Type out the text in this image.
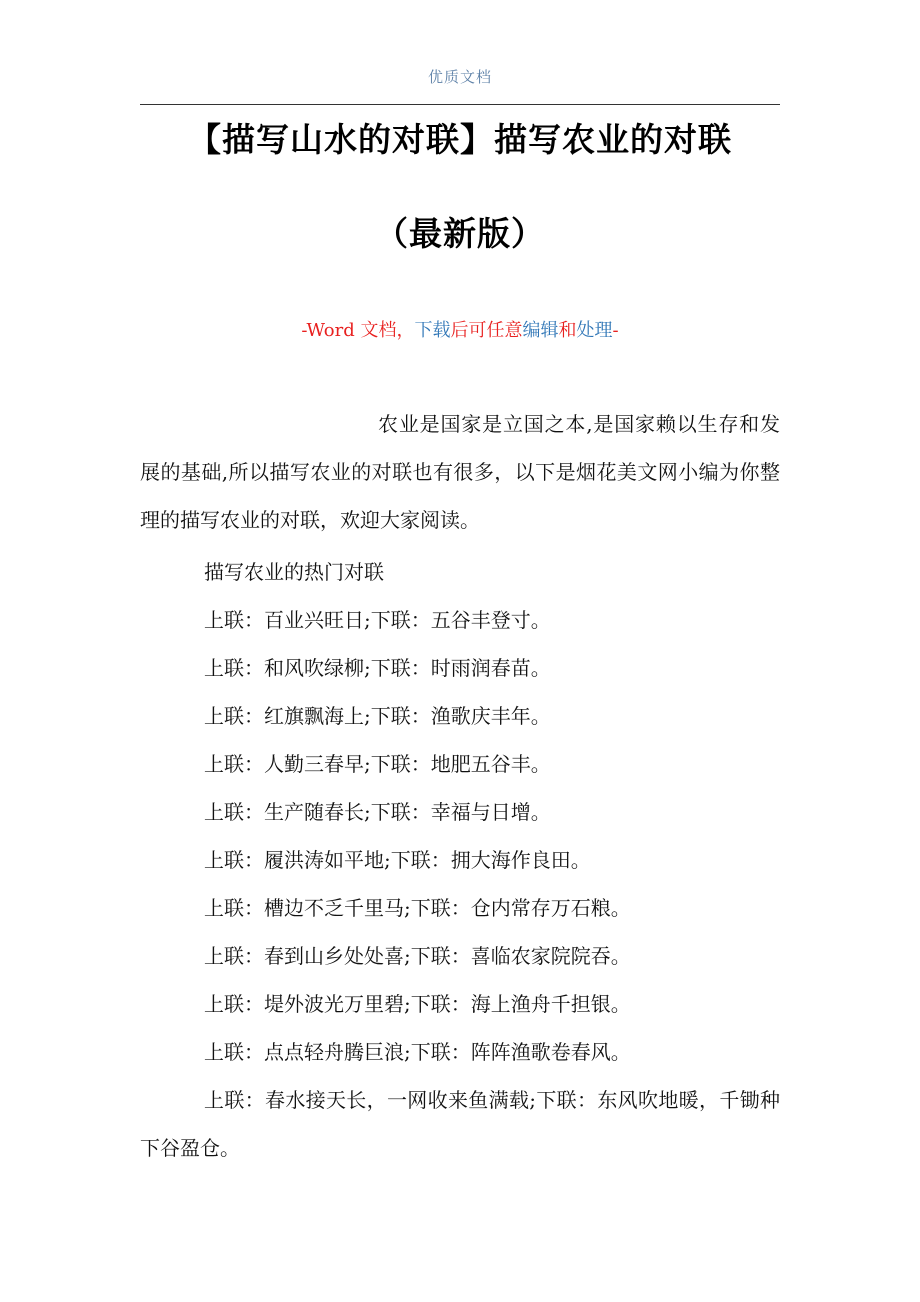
优质文档
【描写山水的对联】描写农业的对联
（最新版）
-Word 文档，下载后可任意编辑和处理-

农业是国家是立国之本,是国家赖以生存和发展的基础,所以描写农业的对联也有很多，以下是烟花美文网小编为你整理的描写农业的对联，欢迎大家阅读。

描写农业的热门对联

上联：百业兴旺日;下联：五谷丰登寸。

上联：和风吹绿柳;下联：时雨润春苗。

上联：红旗飘海上;下联：渔歌庆丰年。

上联：人勤三春早;下联：地肥五谷丰。

上联：生产随春长;下联：幸福与日增。

上联：履洪涛如平地;下联：拥大海作良田。

上联：槽边不乏千里马;下联：仓内常存万石粮。

上联：春到山乡处处喜;下联：喜临农家院院吞。

上联：堤外波光万里碧;下联：海上渔舟千担银。

上联：点点轻舟腾巨浪;下联：阵阵渔歌卷春风。

上联：春水接天长，一网收来鱼满载;下联：东风吹地暖，千锄种下谷盈仓。
